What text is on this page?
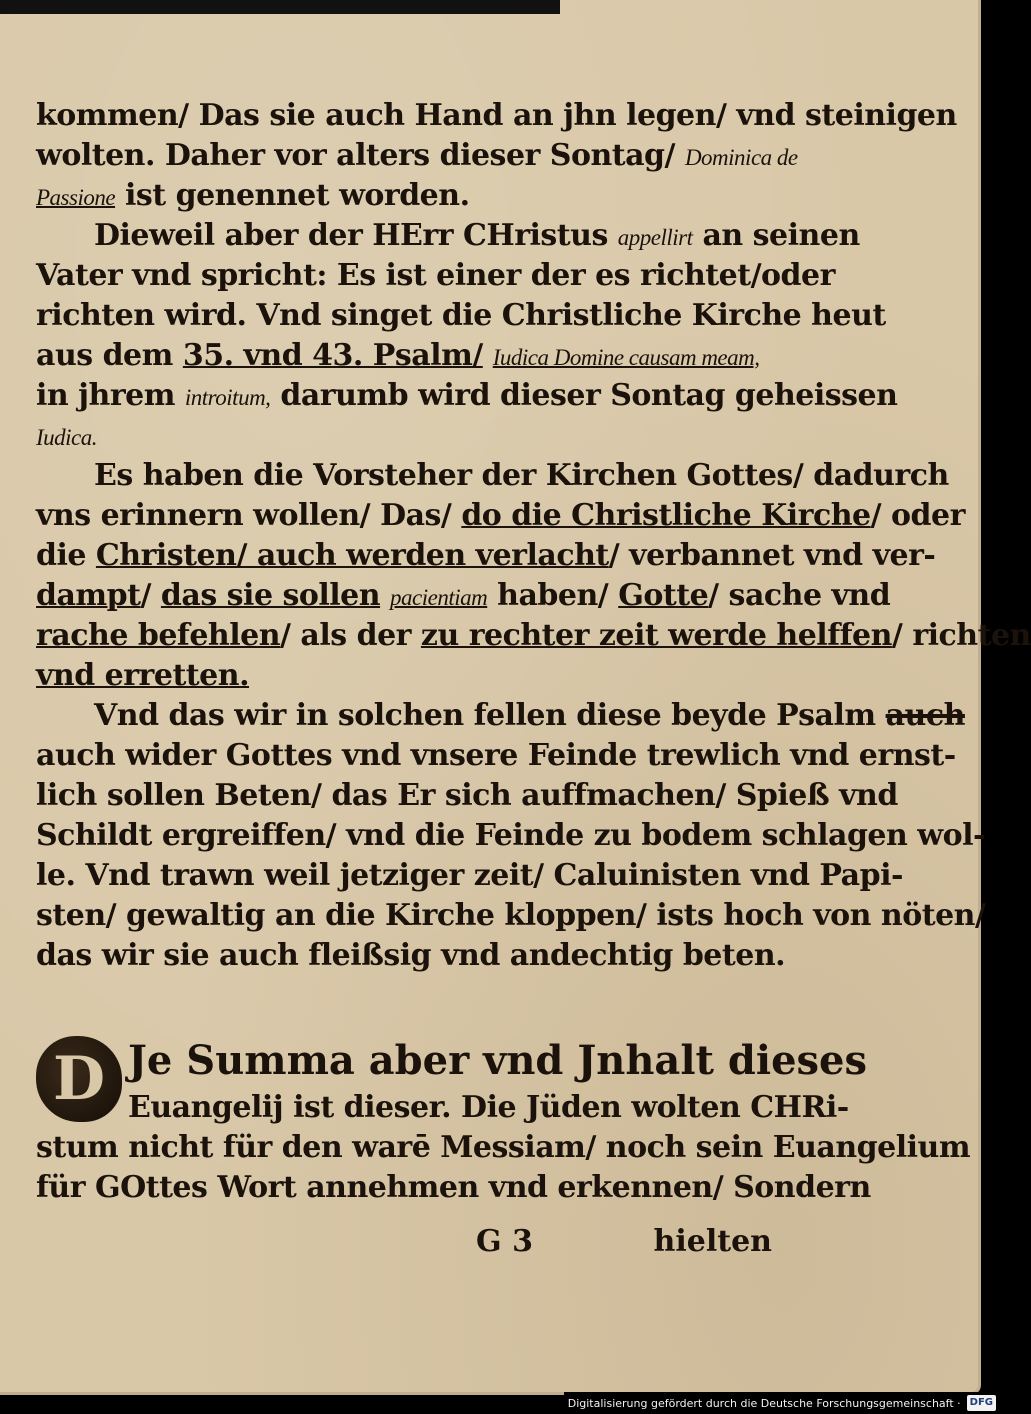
kommen/ Das sie auch Hand an jhn legen/ vnd steinigen
wolten. Daher vor alters dieser Sontag/ Dominica de
Passione ist genennet worden.
Dieweil aber der HErr CHristus appellirt an seinen
Vater vnd spricht: Es ist einer der es richtet/oder
richten wird. Vnd singet die Christliche Kirche heut
aus dem 35. vnd 43. Psalm/ Iudica Domine causam meam,
in jhrem introitum, darumb wird dieser Sontag geheissen
Iudica.
Es haben die Vorsteher der Kirchen Gottes/ dadurch
vns erinnern wollen/ Das/ do die Christliche Kirche/ oder
die Christen/ auch werden verlacht/ verbannet vnd ver-
dampt/ das sie sollen pacientiam haben/ Gotte/ sache vnd
rache befehlen/ als der zu rechter zeit werde helffen/ richten
vnd erretten.
Vnd das wir in solchen fellen diese beyde Psalm auch
auch wider Gottes vnd vnsere Feinde trewlich vnd ernst-
lich sollen Beten/ das Er sich auffmachen/ Spieß vnd
Schildt ergreiffen/ vnd die Feinde zu bodem schlagen wol-
le. Vnd trawn weil jetziger zeit/ Caluinisten vnd Papi-
sten/ gewaltig an die Kirche kloppen/ ists hoch von nöten/
das wir sie auch fleißsig vnd andechtig beten.
D Je Summa aber vnd Jnhalt dieses
Euangelij ist dieser. Die Jüden wolten CHRi-
stum nicht für den warē Messiam/ noch sein Euangelium
für GOttes Wort annehmen vnd erkennen/ Sondern
G 3	hielten
Digitalisierung gefördert durch die Deutsche Forschungsgemeinschaft · DFG
